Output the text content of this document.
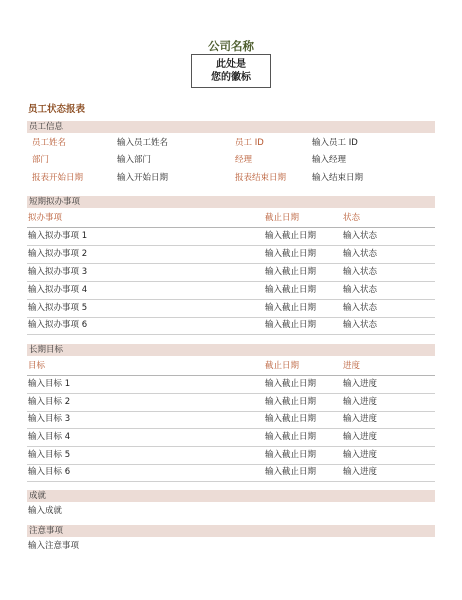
公司名称
此处是
您的徽标
员工状态报表
员工信息
员工姓名	输入员工姓名	员工 ID	输入员工 ID
部门	输入部门	经理	输入经理
报表开始日期	输入开始日期	报表结束日期	输入结束日期
短期拟办事项
拟办事项	截止日期	状态
输入拟办事项 1	输入截止日期	输入状态
输入拟办事项 2	输入截止日期	输入状态
输入拟办事项 3	输入截止日期	输入状态
输入拟办事项 4	输入截止日期	输入状态
输入拟办事项 5	输入截止日期	输入状态
输入拟办事项 6	输入截止日期	输入状态
长期目标
目标	截止日期	进度
输入目标 1	输入截止日期	输入进度
输入目标 2	输入截止日期	输入进度
输入目标 3	输入截止日期	输入进度
输入目标 4	输入截止日期	输入进度
输入目标 5	输入截止日期	输入进度
输入目标 6	输入截止日期	输入进度
成就
输入成就
注意事项
输入注意事项
